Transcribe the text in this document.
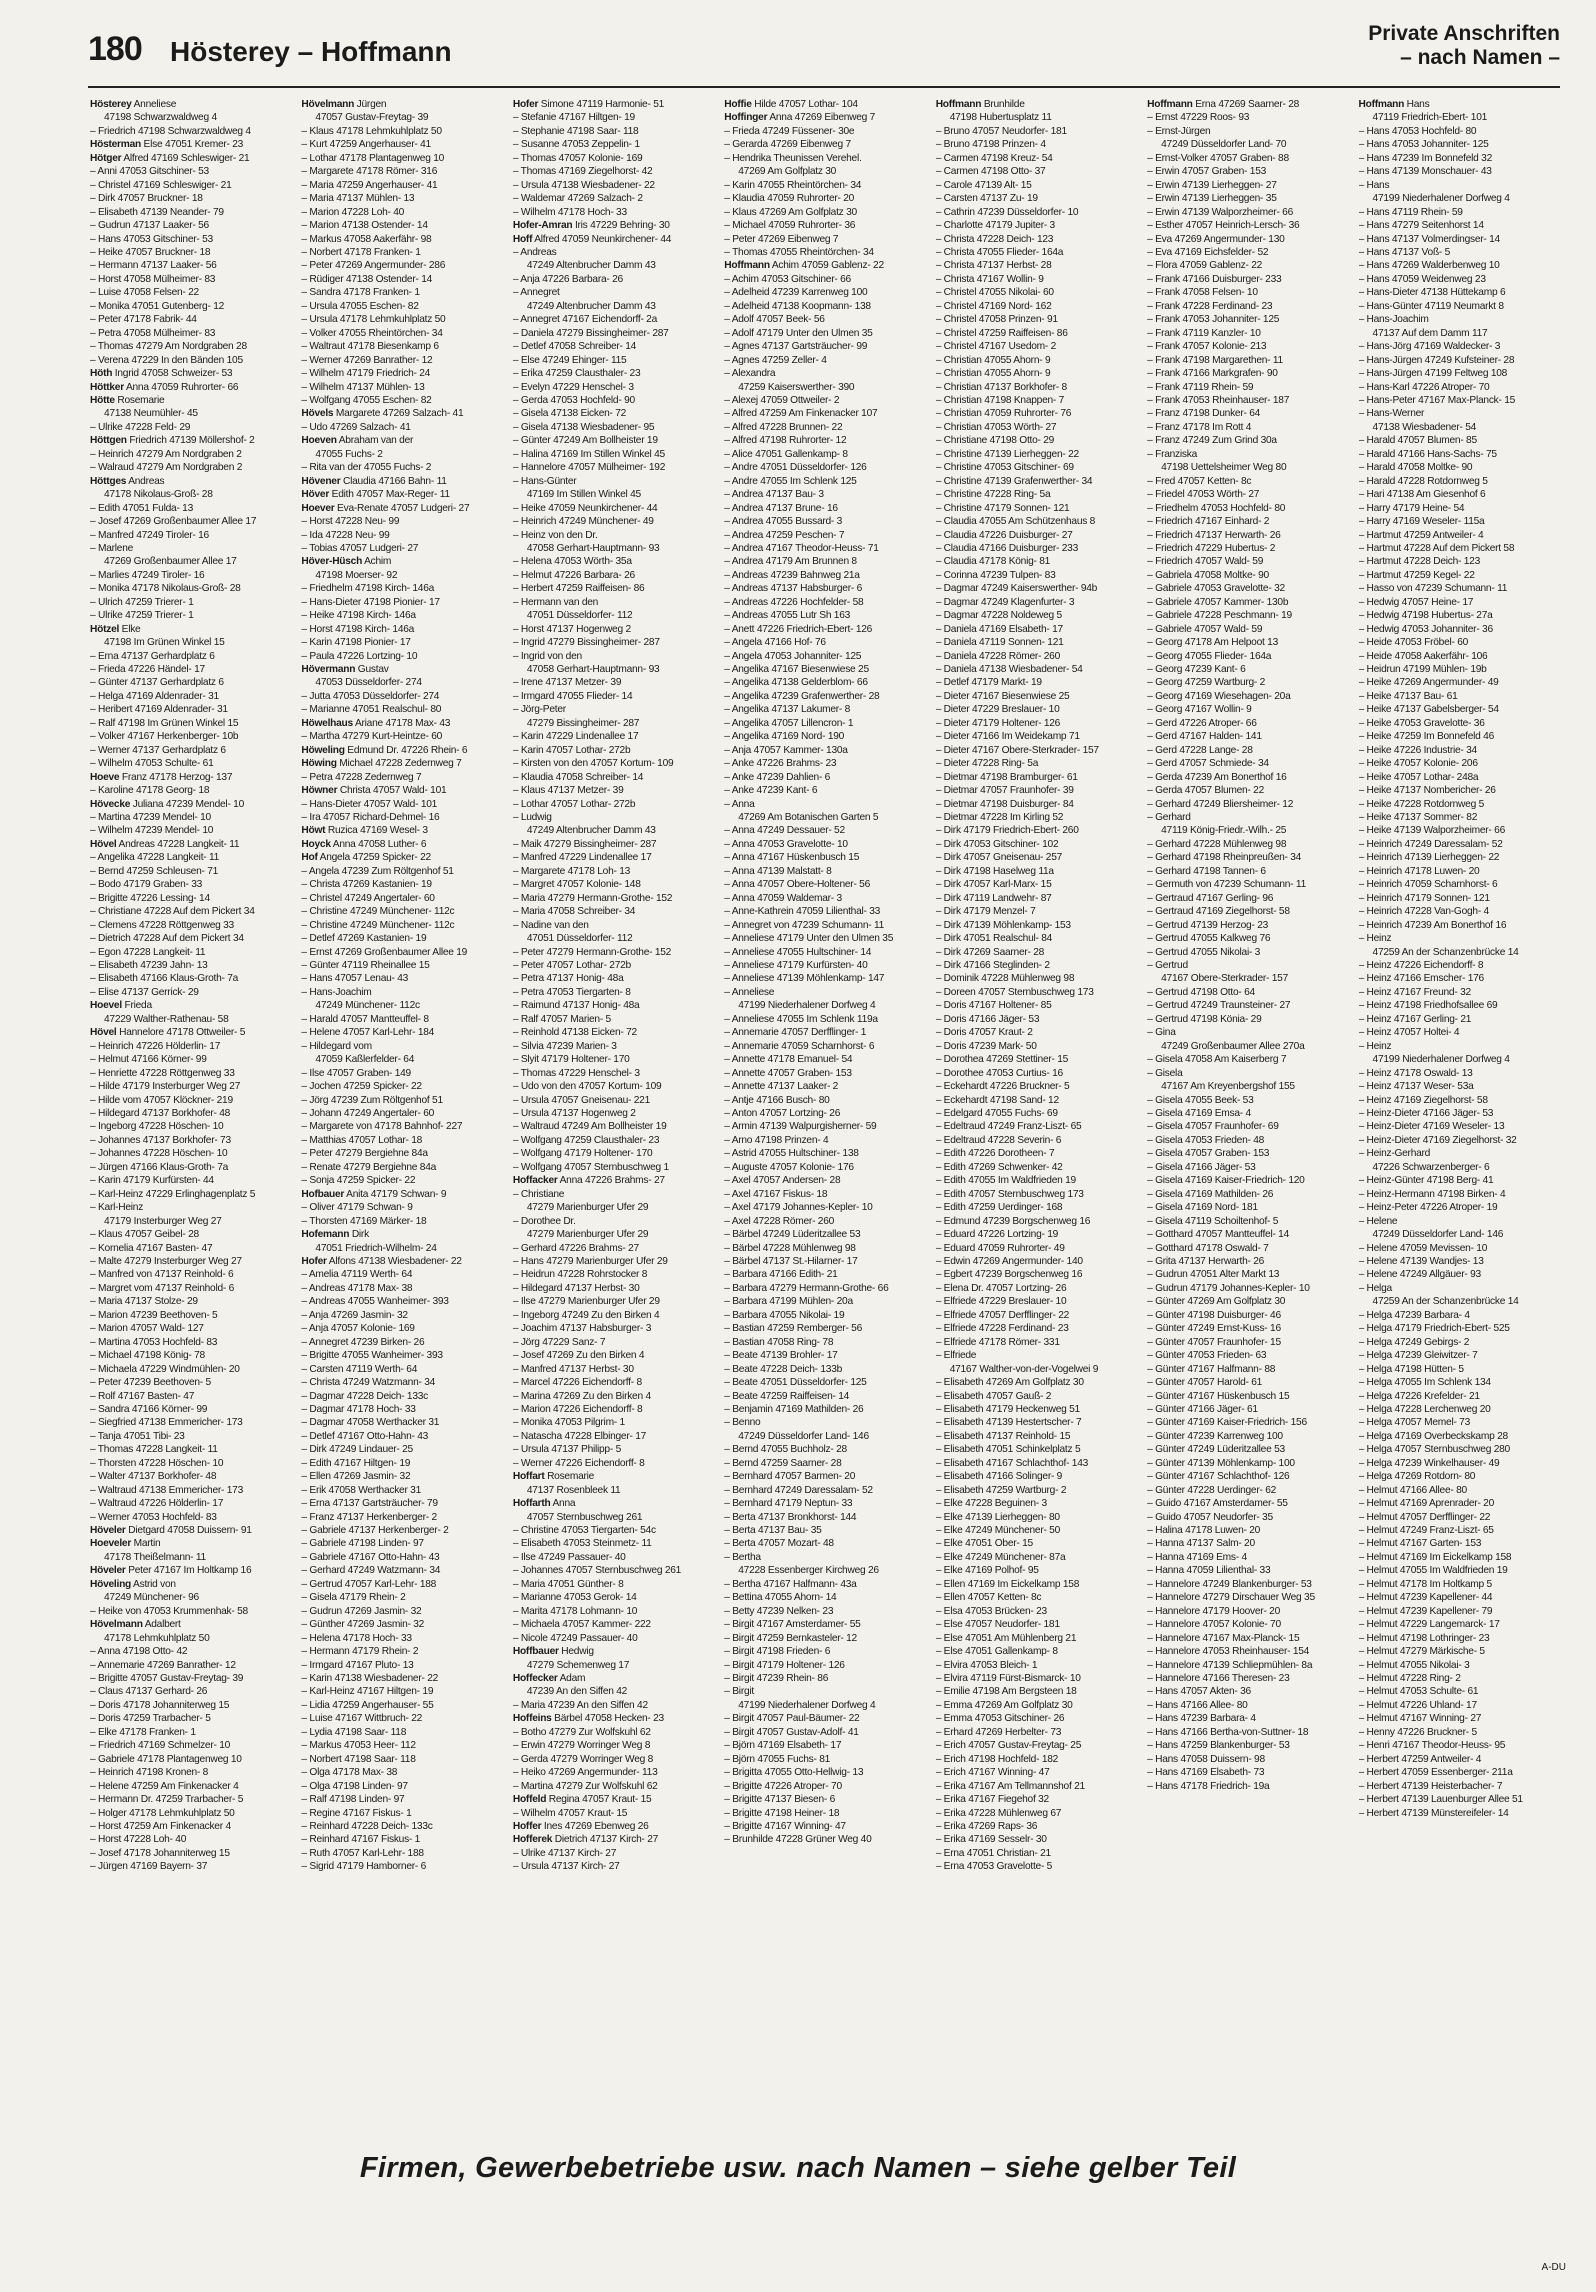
180 Hösterey – Hoffmann
Private Anschriften
– nach Namen –

Hösterey Anneliese
47198 Schwarzwaldweg 4
– Friedrich 47198 Schwarzwaldweg 4
Hösterman Else 47051 Kremer- 23
Hötger Alfred 47169 Schleswiger- 21
– Anni 47053 Gitschiner- 53
– Christel 47169 Schleswiger- 21
– Dirk 47057 Bruckner- 18
– Elisabeth 47139 Neander- 79
– Gudrun 47137 Laaker- 56
– Hans 47053 Gitschiner- 53
– Heike 47057 Bruckner- 18
– Hermann 47137 Laaker- 56
– Horst 47058 Mülheimer- 83
– Luise 47058 Felsen- 22
– Monika 47051 Gutenberg- 12
– Peter 47178 Fabrik- 44
– Petra 47058 Mülheimer- 83
– Thomas 47279 Am Nordgraben 28
– Verena 47229 In den Bänden 105
Höth Ingrid 47058 Schweizer- 53
Höttker Anna 47059 Ruhrorter- 66
Hötte Rosemarie
47138 Neumühler- 45
– Ulrike 47228 Feld- 29
Höttgen Friedrich 47139 Möllershof- 2
– Heinrich 47279 Am Nordgraben 2
– Walraud 47279 Am Nordgraben 2
Höttges Andreas
47178 Nikolaus-Groß- 28
– Edith 47051 Fulda- 13
– Josef 47269 Großenbaumer Allee 17
– Manfred 47249 Tiroler- 16
– Marlene
47269 Großenbaumer Allee 17
– Marlies 47249 Tiroler- 16
– Monika 47178 Nikolaus-Groß- 28
– Ulrich 47259 Trierer- 1
– Ulrike 47259 Trierer- 1
Hötzel Elke
47198 Im Grünen Winkel 15
– Erna 47137 Gerhardplatz 6
– Frieda 47226 Händel- 17
– Günter 47137 Gerhardplatz 6
– Helga 47169 Aldenrader- 31
– Heribert 47169 Aldenrader- 31
– Ralf 47198 Im Grünen Winkel 15
– Volker 47167 Herkenberger- 10b
– Werner 47137 Gerhardplatz 6
– Wilhelm 47053 Schulte- 61
Hoeve Franz 47178 Herzog- 137
– Karoline 47178 Georg- 18
Hövecke Juliana 47239 Mendel- 10
– Martina 47239 Mendel- 10
– Wilhelm 47239 Mendel- 10
Hövel Andreas 47228 Langkeit- 11
– Angelika 47228 Langkeit- 11
– Bernd 47259 Schleusen- 71
– Bodo 47179 Graben- 33
– Brigitte 47226 Lessing- 14
– Christiane 47228 Auf dem Pickert 34
– Clemens 47228 Röttgenweg 33
– Dietrich 47228 Auf dem Pickert 34
– Egon 47228 Langkeit- 11
– Elisabeth 47239 Jahn- 13
– Elisabeth 47166 Klaus-Groth- 7a
– Elise 47137 Gerrick- 29
Hoevel Frieda
47229 Walther-Rathenau- 58
Hövel Hannelore 47178 Ottweiler- 5
– Heinrich 47226 Hölderlin- 17
– Helmut 47166 Körner- 99
– Henriette 47228 Röttgenweg 33
– Hilde 47179 Insterburger Weg 27
– Hilde vom 47057 Klöckner- 219
– Hildegard 47137 Borkhofer- 48
– Ingeborg 47228 Höschen- 10
– Johannes 47137 Borkhofer- 73
– Johannes 47228 Höschen- 10
– Jürgen 47166 Klaus-Groth- 7a
– Karin 47179 Kurfürsten- 44
– Karl-Heinz 47229 Erlinghagenplatz 5
– Karl-Heinz
47179 Insterburger Weg 27
– Klaus 47057 Geibel- 28
– Kornelia 47167 Basten- 47
– Malte 47279 Insterburger Weg 27
– Manfred von 47137 Reinhold- 6
– Margret vom 47137 Reinhold- 6
– Maria 47137 Stolze- 29
– Marion 47239 Beethoven- 5
– Marion 47057 Wald- 127
– Martina 47053 Hochfeld- 83
– Michael 47198 König- 78
– Michaela 47229 Windmühlen- 20
– Peter 47239 Beethoven- 5
– Rolf 47167 Basten- 47
– Sandra 47166 Körner- 99
– Siegfried 47138 Emmericher- 173
– Tanja 47051 Tibi- 23
– Thomas 47228 Langkeit- 11
– Thorsten 47228 Höschen- 10
– Walter 47137 Borkhofer- 48
– Waltraud 47138 Emmericher- 173
– Waltraud 47226 Hölderlin- 17
– Werner 47053 Hochfeld- 83
Höveler Dietgard 47058 Duissern- 91
Hoeveler Martin
47178 Theißelmann- 11
Höveler Peter 47167 Im Holtkamp 16
Höveling Astrid von
47249 Münchener- 96
– Heike von 47053 Krummenhak- 58
Hövelmann Adalbert
47178 Lehmkuhlplatz 50
– Anna 47198 Otto- 42
– Annemarie 47269 Banrather- 12
– Brigitte 47057 Gustav-Freytag- 39
– Claus 47137 Gerhard- 26
– Doris 47178 Johanniterweg 15
– Doris 47259 Trarbacher- 5
– Elke 47178 Franken- 1
– Friedrich 47169 Schmelzer- 10
– Gabriele 47178 Plantagenweg 10
– Heinrich 47198 Kronen- 8
– Helene 47259 Am Finkenacker 4
– Hermann Dr. 47259 Trarbacher- 5
– Holger 47178 Lehmkuhlplatz 50
– Horst 47259 Am Finkenacker 4
– Horst 47228 Loh- 40
– Josef 47178 Johanniterweg 15
– Jürgen 47169 Bayern- 37
Hövelmann Jürgen
47057 Gustav-Freytag- 39
– Klaus 47178 Lehmkuhlplatz 50
– Kurt 47259 Angerhauser- 41
– Lothar 47178 Plantagenweg 10
– Margarete 47178 Römer- 316
– Maria 47259 Angerhauser- 41
– Maria 47137 Mühlen- 13
– Marion 47228 Loh- 40
– Marion 47138 Ostender- 14
– Markus 47058 Aakerfähr- 98
– Norbert 47178 Franken- 1
– Peter 47269 Angermunder- 286
– Rüdiger 47138 Ostender- 14
– Sandra 47178 Franken- 1
– Ursula 47055 Eschen- 82
– Ursula 47178 Lehmkuhlplatz 50
– Volker 47055 Rheintörchen- 34
– Waltraut 47178 Biesenkamp 6
– Werner 47269 Banrather- 12
– Wilhelm 47179 Friedrich- 24
– Wilhelm 47137 Mühlen- 13
– Wolfgang 47055 Eschen- 82
Hövels Margarete 47269 Salzach- 41
– Udo 47269 Salzach- 41
Hoeven Abraham van der
47055 Fuchs- 2
– Rita van der 47055 Fuchs- 2
Hövener Claudia 47166 Bahn- 11
Höver Edith 47057 Max-Reger- 11
Hoever Eva-Renate 47057 Ludgeri- 27
– Horst 47228 Neu- 99
– Ida 47228 Neu- 99
– Tobias 47057 Ludgeri- 27
Höver-Hüsch Achim
47198 Moerser- 92
– Friedhelm 47198 Kirch- 146a
– Hans-Dieter 47198 Pionier- 17
– Heike 47198 Kirch- 146a
– Horst 47198 Kirch- 146a
– Karin 47198 Pionier- 17
– Paula 47226 Lortzing- 10
Hövermann Gustav
47053 Düsseldorfer- 274
– Jutta 47053 Düsseldorfer- 274
– Marianne 47051 Realschul- 80
Höwelhaus Ariane 47178 Max- 43
– Martha 47279 Kurt-Heintze- 60
Höweling Edmund Dr. 47226 Rhein- 6
Höwing Michael 47228 Zedernweg 7
– Petra 47228 Zedernweg 7
Höwner Christa 47057 Wald- 101
– Hans-Dieter 47057 Wald- 101
– Ira 47057 Richard-Dehmel- 16
Höwt Ruzica 47169 Wesel- 3
Hoyck Anna 47058 Luther- 6
Hof Angela 47259 Spicker- 22
– Angela 47239 Zum Röltgenhof 51
– Christa 47269 Kastanien- 19
– Christel 47249 Angertaler- 60
– Christine 47249 Münchener- 112c
– Christine 47249 Münchener- 112c
– Detlef 47269 Kastanien- 19
– Ernst 47269 Großenbaumer Allee 19
– Günter 47119 Rheinallee 15
– Hans 47057 Lenau- 43
– Hans-Joachim
47249 Münchener- 112c
– Harald 47057 Mantteuffel- 8
– Helene 47057 Karl-Lehr- 184
– Hildegard vom
47059 Kaßlerfelder- 64
– Ilse 47057 Graben- 149
– Jochen 47259 Spicker- 22
– Jörg 47239 Zum Röltgenhof 51
– Johann 47249 Angertaler- 60
– Margarete von 47178 Bahnhof- 227
– Matthias 47057 Lothar- 18
– Peter 47279 Bergiehne 84a
– Renate 47279 Bergiehne 84a
– Sonja 47259 Spicker- 22
Hofbauer Anita 47179 Schwan- 9
– Oliver 47179 Schwan- 9
– Thorsten 47169 Märker- 18
Hofemann Dirk
47051 Friedrich-Wilhelm- 24
Hofer Alfons 47138 Wiesbadener- 22
– Amelia 47119 Werth- 64
– Andreas 47178 Max- 38
– Andreas 47055 Wanheimer- 393
– Anja 47269 Jasmin- 32
– Anja 47057 Kolonie- 169
– Annegret 47239 Birken- 26
– Brigitte 47055 Wanheimer- 393
– Carsten 47119 Werth- 64
– Christa 47249 Watzmann- 34
– Dagmar 47228 Deich- 133c
– Dagmar 47178 Hoch- 33
– Dagmar 47058 Werthacker 31
– Detlef 47167 Otto-Hahn- 43
– Dirk 47249 Lindauer- 25
– Edith 47167 Hiltgen- 19
– Ellen 47269 Jasmin- 32
– Erik 47058 Werthacker 31
– Erna 47137 Gartsträucher- 79
– Franz 47137 Herkenberger- 2
– Gabriele 47137 Herkenberger- 2
– Gabriele 47198 Linden- 97
– Gabriele 47167 Otto-Hahn- 43
– Gerhard 47249 Watzmann- 34
– Gertrud 47057 Karl-Lehr- 188
– Gisela 47179 Rhein- 2
– Gudrun 47269 Jasmin- 32
– Günther 47269 Jasmin- 32
– Helena 47178 Hoch- 33
– Hermann 47179 Rhein- 2
– Irmgard 47167 Pluto- 13
– Karin 47138 Wiesbadener- 22
– Karl-Heinz 47167 Hiltgen- 19
– Lidia 47259 Angerhauser- 55
– Luise 47167 Wittbruch- 22
– Lydia 47198 Saar- 118
– Markus 47053 Heer- 112
– Norbert 47198 Saar- 118
– Olga 47178 Max- 38
– Olga 47198 Linden- 97
– Ralf 47198 Linden- 97
– Regine 47167 Fiskus- 1
– Reinhard 47228 Deich- 133c
– Reinhard 47167 Fiskus- 1
– Ruth 47057 Karl-Lehr- 188
– Sigrid 47179 Hamborner- 6
Hofer Simone 47119 Harmonie- 51
– Stefanie 47167 Hiltgen- 19
– Stephanie 47198 Saar- 118
– Susanne 47053 Zeppelin- 1
– Thomas 47057 Kolonie- 169
– Thomas 47169 Ziegelhorst- 42
– Ursula 47138 Wiesbadener- 22
– Waldemar 47269 Salzach- 2
– Wilhelm 47178 Hoch- 33
Hofer-Amran Iris 47229 Behring- 30
Hoff Alfred 47059 Neunkirchener- 44
– Andreas
47249 Altenbrucher Damm 43
– Anja 47226 Barbara- 26
– Annegret
47249 Altenbrucher Damm 43
– Annegret 47167 Eichendorff- 2a
– Daniela 47279 Bissingheimer- 287
– Detlef 47058 Schreiber- 14
– Else 47249 Ehinger- 115
– Erika 47259 Clausthaler- 23
– Evelyn 47229 Henschel- 3
– Gerda 47053 Hochfeld- 90
– Gisela 47138 Eicken- 72
– Gisela 47138 Wiesbadener- 95
– Günter 47249 Am Bollheister 19
– Halina 47169 Im Stillen Winkel 45
– Hannelore 47057 Mülheimer- 192
– Hans-Günter
47169 Im Stillen Winkel 45
– Heike 47059 Neunkirchener- 44
– Heinrich 47249 Münchener- 49
– Heinz von den Dr.
47058 Gerhart-Hauptmann- 93
– Helena 47053 Wörth- 35a
– Helmut 47226 Barbara- 26
– Herbert 47259 Raiffeisen- 86
– Hermann van den
47051 Düsseldorfer- 112
– Horst 47137 Hogenweg 2
– Ingrid 47279 Bissingheimer- 287
– Ingrid von den
47058 Gerhart-Hauptmann- 93
– Irene 47137 Metzer- 39
– Irmgard 47055 Flieder- 14
– Jörg-Peter
47279 Bissingheimer- 287
– Karin 47229 Lindenallee 17
– Karin 47057 Lothar- 272b
– Kirsten von den 47057 Kortum- 109
– Klaudia 47058 Schreiber- 14
– Klaus 47137 Metzer- 39
– Lothar 47057 Lothar- 272b
– Ludwig
47249 Altenbrucher Damm 43
– Maik 47279 Bissingheimer- 287
– Manfred 47229 Lindenallee 17
– Margarete 47178 Loh- 13
– Margret 47057 Kolonie- 148
– Maria 47279 Hermann-Grothe- 152
– Maria 47058 Schreiber- 34
– Nadine van den
47051 Düsseldorfer- 112
– Peter 47279 Hermann-Grothe- 152
– Peter 47057 Lothar- 272b
– Petra 47137 Honig- 48a
– Petra 47053 Tiergarten- 8
– Raimund 47137 Honig- 48a
– Ralf 47057 Marien- 5
– Reinhold 47138 Eicken- 72
– Silvia 47239 Marien- 3
– Slyit 47179 Holtener- 170
– Thomas 47229 Henschel- 3
– Udo von den 47057 Kortum- 109
– Ursula 47057 Gneisenau- 221
– Ursula 47137 Hogenweg 2
– Waltraud 47249 Am Bollheister 19
– Wolfgang 47259 Clausthaler- 23
– Wolfgang 47179 Holtener- 170
– Wolfgang 47057 Sternbuschweg 1
Hoffacker Anna 47226 Brahms- 27
– Christiane
47279 Marienburger Ufer 29
– Dorothee Dr.
47279 Marienburger Ufer 29
– Gerhard 47226 Brahms- 27
– Hans 47279 Marienburger Ufer 29
– Heidrun 47228 Rohrstocker 8
– Hildegard 47137 Herbst- 30
– Ilse 47279 Marienburger Ufer 29
– Ingeborg 47249 Zu den Birken 4
– Joachim 47137 Habsburger- 3
– Jörg 47229 Sanz- 7
– Josef 47269 Zu den Birken 4
– Manfred 47137 Herbst- 30
– Marcel 47226 Eichendorff- 8
– Marina 47269 Zu den Birken 4
– Marion 47226 Eichendorff- 8
– Monika 47053 Pilgrim- 1
– Natascha 47228 Elbinger- 17
– Ursula 47137 Philipp- 5
– Werner 47226 Eichendorff- 8
Hoffart Rosemarie
47137 Rosenbleek 11
Hoffarth Anna
47057 Sternbuschweg 261
– Christine 47053 Tiergarten- 54c
– Elisabeth 47053 Steinmetz- 11
– Ilse 47249 Passauer- 40
– Johannes 47057 Sternbuschweg 261
– Maria 47051 Günther- 8
– Marianne 47053 Gerok- 14
– Marita 47178 Lohmann- 10
– Michaela 47057 Kammer- 222
– Nicole 47249 Passauer- 40
Hoffbauer Hedwig
47279 Schemenweg 17
Hoffecker Adam
47239 An den Siffen 42
– Maria 47239 An den Siffen 42
Hoffeins Bärbel 47058 Hecken- 23
– Botho 47279 Zur Wolfskuhl 62
– Erwin 47279 Worringer Weg 8
– Gerda 47279 Worringer Weg 8
– Heiko 47269 Angermunder- 113
– Martina 47279 Zur Wolfskuhl 62
Hoffeld Regina 47057 Kraut- 15
– Wilhelm 47057 Kraut- 15
Hoffer Ines 47269 Ebenweg 26
Hofferek Dietrich 47137 Kirch- 27
– Ulrike 47137 Kirch- 27
– Ursula 47137 Kirch- 27
Hoffie Hilde 47057 Lothar- 104
Hoffinger Anna 47269 Eibenweg 7
– Frieda 47249 Füssener- 30e
– Gerarda 47269 Eibenweg 7
– Hendrika Theunissen Verehel.
47269 Am Golfplatz 30
– Karin 47055 Rheintörchen- 34
– Klaudia 47059 Ruhrorter- 20
– Klaus 47269 Am Golfplatz 30
– Michael 47059 Ruhrorter- 36
– Peter 47269 Eibenweg 7
– Thomas 47055 Rheintörchen- 34
Hoffmann Achim 47059 Gablenz- 22
– Achim 47053 Gitschiner- 66
– Adelheid 47239 Karrenweg 100
– Adelheid 47138 Koopmann- 138
– Adolf 47057 Beek- 56
– Adolf 47179 Unter den Ulmen 35
– Agnes 47137 Gartsträucher- 99
– Agnes 47259 Zeller- 4
– Alexandra
47259 Kaiserswerther- 390
– Alexej 47059 Ottweiler- 2
– Alfred 47259 Am Finkenacker 107
– Alfred 47228 Brunnen- 22
– Alfred 47198 Ruhrorter- 12
– Alice 47051 Gallenkamp- 8
– Andre 47051 Düsseldorfer- 126
– Andre 47055 Im Schlenk 125
– Andrea 47137 Bau- 3
– Andrea 47137 Brune- 16
– Andrea 47055 Bussard- 3
– Andrea 47259 Peschen- 7
– Andrea 47167 Theodor-Heuss- 71
– Andrea 47179 Am Brunnen 8
– Andreas 47239 Bahnweg 21a
– Andreas 47137 Habsburger- 6
– Andreas 47226 Hochfelder- 58
– Andreas 47055 Lutr Sh 163
– Anett 47226 Friedrich-Ebert- 126
– Angela 47166 Hof- 76
– Angela 47053 Johanniter- 125
– Angelika 47167 Biesenwiese 25
– Angelika 47138 Gelderblom- 66
– Angelika 47239 Grafenwerther- 28
– Angelika 47137 Lakumer- 8
– Angelika 47057 Lillencron- 1
– Angelika 47169 Nord- 190
– Anja 47057 Kammer- 130a
– Anke 47226 Brahms- 23
– Anke 47239 Dahlien- 6
– Anke 47239 Kant- 6
– Anna
47269 Am Botanischen Garten 5
– Anna 47249 Dessauer- 52
– Anna 47053 Gravelotte- 10
– Anna 47167 Hüskenbusch 15
– Anna 47139 Malstatt- 8
– Anna 47057 Obere-Holtener- 56
– Anna 47059 Waldemar- 3
– Anne-Kathrein 47059 Lilienthal- 33
– Annegret von 47239 Schumann- 11
– Anneliese 47179 Unter den Ulmen 35
– Anneliese 47055 Hultschiner- 14
– Anneliese 47179 Kurfürsten- 40
– Anneliese 47139 Möhlenkamp- 147
– Anneliese
47199 Niederhalener Dorfweg 4
– Anneliese 47055 Im Schlenk 119a
– Annemarie 47057 Derfflinger- 1
– Annemarie 47059 Scharnhorst- 6
– Annette 47178 Emanuel- 54
– Annette 47057 Graben- 153
– Annette 47137 Laaker- 2
– Antje 47166 Busch- 80
– Anton 47057 Lortzing- 26
– Armin 47139 Walpurgisherner- 59
– Arno 47198 Prinzen- 4
– Astrid 47055 Hultschiner- 138
– Auguste 47057 Kolonie- 176
– Axel 47057 Andersen- 28
– Axel 47167 Fiskus- 18
– Axel 47179 Johannes-Kepler- 10
– Axel 47228 Römer- 260
– Bärbel 47249 Lüderitzallee 53
– Bärbel 47228 Mühlenweg 98
– Bärbel 47137 St.-Hilarner- 17
– Barbara 47166 Edith- 21
– Barbara 47279 Hermann-Grothe- 66
– Barbara 47199 Mühlen- 20a
– Barbara 47055 Nikolai- 19
– Bastian 47259 Remberger- 56
– Bastian 47058 Ring- 78
– Beate 47139 Brohler- 17
– Beate 47228 Deich- 133b
– Beate 47051 Düsseldorfer- 125
– Beate 47259 Raiffeisen- 14
– Benjamin 47169 Mathilden- 26
– Benno
47249 Düsseldorfer Land- 146
– Bernd 47055 Buchholz- 28
– Bernd 47259 Saarner- 28
– Bernhard 47057 Barmen- 20
– Bernhard 47249 Daressalam- 52
– Bernhard 47179 Neptun- 33
– Berta 47137 Bronkhorst- 144
– Berta 47137 Bau- 35
– Berta 47057 Mozart- 48
– Bertha
47228 Essenberger Kirchweg 26
– Bertha 47167 Halfmann- 43a
– Bettina 47055 Ahorn- 14
– Betty 47239 Nelken- 23
– Birgit 47167 Amsterdamer- 55
– Birgit 47259 Bernkasteler- 12
– Birgit 47198 Frieden- 6
– Birgit 47179 Holtener- 126
– Birgit 47239 Rhein- 86
– Birgit
47199 Niederhalener Dorfweg 4
– Birgit 47057 Paul-Bäumer- 22
– Birgit 47057 Gustav-Adolf- 41
– Björn 47169 Elsabeth- 17
– Björn 47055 Fuchs- 81
– Brigitta 47055 Otto-Hellwig- 13
– Brigitte 47226 Atroper- 70
– Brigitte 47137 Biesen- 6
– Brigitte 47198 Heiner- 18
– Brigitte 47167 Winning- 47
– Brunhilde 47228 Grüner Weg 40
Hoffmann Brunhilde
47198 Hubertusplatz 11
– Bruno 47057 Neudorfer- 181
– Bruno 47198 Prinzen- 4
– Carmen 47198 Kreuz- 54
– Carmen 47198 Otto- 37
– Carole 47139 Alt- 15
– Carsten 47137 Zu- 19
– Cathrin 47239 Düsseldorfer- 10
– Charlotte 47179 Jupiter- 3
– Christa 47228 Deich- 123
– Christa 47055 Flieder- 164a
– Christa 47137 Herbst- 28
– Christa 47167 Wollin- 9
– Christel 47055 Nikolai- 60
– Christel 47169 Nord- 162
– Christel 47058 Prinzen- 91
– Christel 47259 Raiffeisen- 86
– Christel 47167 Usedom- 2
– Christian 47055 Ahorn- 9
– Christian 47055 Ahorn- 9
– Christian 47137 Borkhofer- 8
– Christian 47198 Knappen- 7
– Christian 47059 Ruhrorter- 76
– Christian 47053 Wörth- 27
– Christiane 47198 Otto- 29
– Christine 47139 Lierheggen- 22
– Christine 47053 Gitschiner- 69
– Christine 47139 Grafenwerther- 34
– Christine 47228 Ring- 5a
– Christine 47179 Sonnen- 121
– Claudia 47055 Am Schützenhaus 8
– Claudia 47226 Duisburger- 27
– Claudia 47166 Duisburger- 233
– Claudia 47178 König- 81
– Corinna 47239 Tulpen- 83
– Dagmar 47249 Kaiserswerther- 94b
– Dagmar 47249 Klagenfurter- 3
– Dagmar 47228 Noldeweg 5
– Daniela 47169 Elsabeth- 17
– Daniela 47119 Sonnen- 121
– Daniela 47228 Römer- 260
– Daniela 47138 Wiesbadener- 54
– Detlef 47179 Markt- 19
– Dieter 47167 Biesenwiese 25
– Dieter 47229 Breslauer- 10
– Dieter 47179 Holtener- 126
– Dieter 47166 Im Weidekamp 71
– Dieter 47167 Obere-Sterkrader- 157
– Dieter 47228 Ring- 5a
– Dietmar 47198 Bramburger- 61
– Dietmar 47057 Fraunhofer- 39
– Dietmar 47198 Duisburger- 84
– Dietmar 47228 Im Kirling 52
– Dirk 47179 Friedrich-Ebert- 260
– Dirk 47053 Gitschiner- 102
– Dirk 47057 Gneisenau- 257
– Dirk 47198 Haselweg 11a
– Dirk 47057 Karl-Marx- 15
– Dirk 47119 Landwehr- 87
– Dirk 47179 Menzel- 7
– Dirk 47139 Möhlenkamp- 153
– Dirk 47051 Realschul- 84
– Dirk 47269 Saarner- 28
– Dirk 47166 Steglinden- 2
– Dominik 47228 Mühlenweg 98
– Doreen 47057 Sternbuschweg 173
– Doris 47167 Holtener- 85
– Doris 47166 Jäger- 53
– Doris 47057 Kraut- 2
– Doris 47239 Mark- 50
– Dorothea 47269 Stettiner- 15
– Dorothee 47053 Curtius- 16
– Eckehardt 47226 Bruckner- 5
– Eckehardt 47198 Sand- 12
– Edelgard 47055 Fuchs- 69
– Edeltraud 47249 Franz-Liszt- 65
– Edeltraud 47228 Severin- 6
– Edith 47226 Dorotheen- 7
– Edith 47269 Schwenker- 42
– Edith 47055 Im Waldfrieden 19
– Edith 47057 Sternbuschweg 173
– Edith 47259 Uerdinger- 168
– Edmund 47239 Borgschenweg 16
– Eduard 47226 Lortzing- 19
– Eduard 47059 Ruhrorter- 49
– Edwin 47269 Angermunder- 140
– Egbert 47239 Borgschenweg 16
– Elena Dr. 47057 Lortzing- 26
– Elfriede 47229 Breslauer- 10
– Elfriede 47057 Derfflinger- 22
– Elfriede 47228 Ferdinand- 23
– Elfriede 47178 Römer- 331
– Elfriede
47167 Walther-von-der-Vogelwei 9
– Elisabeth 47269 Am Golfplatz 30
– Elisabeth 47057 Gauß- 2
– Elisabeth 47179 Heckenweg 51
– Elisabeth 47139 Hestertscher- 7
– Elisabeth 47137 Reinhold- 15
– Elisabeth 47051 Schinkelplatz 5
– Elisabeth 47167 Schlachthof- 143
– Elisabeth 47166 Solinger- 9
– Elisabeth 47259 Wartburg- 2
– Elke 47228 Beguinen- 3
– Elke 47139 Lierheggen- 80
– Elke 47249 Münchener- 50
– Elke 47051 Ober- 15
– Elke 47249 Münchener- 87a
– Elke 47169 Polhof- 95
– Ellen 47169 Im Eickelkamp 158
– Ellen 47057 Ketten- 8c
– Elsa 47053 Brücken- 23
– Else 47057 Neudorfer- 181
– Else 47051 Am Mühlenberg 21
– Else 47051 Gallenkamp- 8
– Elvira 47053 Bleich- 1
– Elvira 47119 Fürst-Bismarck- 10
– Emilie 47198 Am Bergsteen 18
– Emma 47269 Am Golfplatz 30
– Emma 47053 Gitschiner- 26
– Erhard 47269 Herbelter- 73
– Erich 47057 Gustav-Freytag- 25
– Erich 47198 Hochfeld- 182
– Erich 47167 Winning- 47
– Erika 47167 Am Tellmannshof 21
– Erika 47167 Fiegehof 32
– Erika 47228 Mühlenweg 67
– Erika 47269 Raps- 36
– Erika 47169 Sesselr- 30
– Erna 47051 Christian- 21
– Erna 47053 Gravelotte- 5
Hoffmann Erna 47269 Saarner- 28
– Ernst 47229 Roos- 93
– Ernst-Jürgen
47249 Düsseldorfer Land- 70
– Ernst-Volker 47057 Graben- 88
– Erwin 47057 Graben- 153
– Erwin 47139 Lierheggen- 27
– Erwin 47139 Lierheggen- 35
– Erwin 47139 Walporzheimer- 66
– Esther 47057 Heinrich-Lersch- 36
– Eva 47269 Angermunder- 130
– Eva 47169 Eichsfelder- 52
– Flora 47059 Gablenz- 22
– Frank 47166 Duisburger- 233
– Frank 47058 Felsen- 10
– Frank 47228 Ferdinand- 23
– Frank 47053 Johanniter- 125
– Frank 47119 Kanzler- 10
– Frank 47057 Kolonie- 213
– Frank 47198 Margarethen- 11
– Frank 47166 Markgrafen- 90
– Frank 47119 Rhein- 59
– Frank 47053 Rheinhauser- 187
– Franz 47198 Dunker- 64
– Franz 47178 Im Rott 4
– Franz 47249 Zum Grind 30a
– Franziska
47198 Uettelsheimer Weg 80
– Fred 47057 Ketten- 8c
– Friedel 47053 Wörth- 27
– Friedhelm 47053 Hochfeld- 80
– Friedrich 47167 Einhard- 2
– Friedrich 47137 Herwarth- 26
– Friedrich 47229 Hubertus- 2
– Friedrich 47057 Wald- 59
– Gabriela 47058 Moltke- 90
– Gabriele 47053 Gravelotte- 32
– Gabriele 47057 Kammer- 130b
– Gabriele 47228 Peschmann- 19
– Gabriele 47057 Wald- 59
– Georg 47178 Am Helpoot 13
– Georg 47055 Flieder- 164a
– Georg 47239 Kant- 6
– Georg 47259 Wartburg- 2
– Georg 47169 Wiesehagen- 20a
– Georg 47167 Wollin- 9
– Gerd 47226 Atroper- 66
– Gerd 47167 Halden- 141
– Gerd 47228 Lange- 28
– Gerd 47057 Schmiede- 34
– Gerda 47239 Am Bonerthof 16
– Gerda 47057 Blumen- 22
– Gerhard 47249 Bliersheimer- 12
– Gerhard
47119 König-Friedr.-Wilh.- 25
– Gerhard 47228 Mühlenweg 98
– Gerhard 47198 Rheinpreußen- 34
– Gerhard 47198 Tannen- 6
– Germuth von 47239 Schumann- 11
– Gertraud 47167 Gerling- 96
– Gertraud 47169 Ziegelhorst- 58
– Gertrud 47139 Herzog- 23
– Gertrud 47055 Kalkweg 76
– Gertrud 47055 Nikolai- 3
– Gertrud
47167 Obere-Sterkrader- 157
– Gertrud 47198 Otto- 64
– Gertrud 47249 Traunsteiner- 27
– Gertrud 47198 Könia- 29
– Gina
47249 Großenbaumer Allee 270a
– Gisela 47058 Am Kaiserberg 7
– Gisela
47167 Am Kreyenbergshof 155
– Gisela 47055 Beek- 53
– Gisela 47169 Emsa- 4
– Gisela 47057 Fraunhofer- 69
– Gisela 47053 Frieden- 48
– Gisela 47057 Graben- 153
– Gisela 47166 Jäger- 53
– Gisela 47169 Kaiser-Friedrich- 120
– Gisela 47169 Mathilden- 26
– Gisela 47169 Nord- 181
– Gisela 47119 Schoiltenhof- 5
– Gotthard 47057 Mantteuffel- 14
– Gotthard 47178 Oswald- 7
– Grita 47137 Herwarth- 26
– Gudrun 47051 Alter Markt 13
– Gudrun 47179 Johannes-Kepler- 10
– Günter 47269 Am Golfplatz 30
– Günter 47198 Duisburger- 46
– Günter 47249 Ernst-Kuss- 16
– Günter 47057 Fraunhofer- 15
– Günter 47053 Frieden- 63
– Günter 47167 Halfmann- 88
– Günter 47057 Harold- 61
– Günter 47167 Hüskenbusch 15
– Günter 47166 Jäger- 61
– Günter 47169 Kaiser-Friedrich- 156
– Günter 47239 Karrenweg 100
– Günter 47249 Lüderitzallee 53
– Günter 47139 Möhlenkamp- 100
– Günter 47167 Schlachthof- 126
– Günter 47228 Uerdinger- 62
– Guido 47167 Amsterdamer- 55
– Guido 47057 Neudorfer- 35
– Halina 47178 Luwen- 20
– Hanna 47137 Salm- 20
– Hanna 47169 Ems- 4
– Hanna 47059 Lilienthal- 33
– Hannelore 47249 Blankenburger- 53
– Hannelore 47279 Dirschauer Weg 35
– Hannelore 47179 Hoover- 20
– Hannelore 47057 Kolonie- 70
– Hannelore 47167 Max-Planck- 15
– Hannelore 47053 Rheinhauser- 154
– Hannelore 47139 Schliepmühlen- 8a
– Hannelore 47166 Theresen- 23
– Hans 47057 Akten- 36
– Hans 47166 Allee- 80
– Hans 47239 Barbara- 4
– Hans 47166 Bertha-von-Suttner- 18
– Hans 47259 Blankenburger- 53
– Hans 47058 Duissern- 98
– Hans 47169 Elsabeth- 73
– Hans 47178 Friedrich- 19a
Hoffmann Hans
47119 Friedrich-Ebert- 101
– Hans 47053 Hochfeld- 80
– Hans 47053 Johanniter- 125
– Hans 47239 Im Bonnefeld 32
– Hans 47139 Monschauer- 43
– Hans
47199 Niederhalener Dorfweg 4
– Hans 47119 Rhein- 59
– Hans 47279 Seitenhorst 14
– Hans 47137 Volmerdingser- 14
– Hans 47137 Voß- 5
– Hans 47269 Walderbenweg 10
– Hans 47059 Weidenweg 23
– Hans-Dieter 47138 Hüttekamp 6
– Hans-Günter 47119 Neumarkt 8
– Hans-Joachim
47137 Auf dem Damm 117
– Hans-Jörg 47169 Waldecker- 3
– Hans-Jürgen 47249 Kufsteiner- 28
– Hans-Jürgen 47199 Feltweg 108
– Hans-Karl 47226 Atroper- 70
– Hans-Peter 47167 Max-Planck- 15
– Hans-Werner
47138 Wiesbadener- 54
– Harald 47057 Blumen- 85
– Harald 47166 Hans-Sachs- 75
– Harald 47058 Moltke- 90
– Harald 47228 Rotdornweg 5
– Hari 47138 Am Giesenhof 6
– Harry 47179 Heine- 54
– Harry 47169 Weseler- 115a
– Hartmut 47259 Antweiler- 4
– Hartmut 47228 Auf dem Pickert 58
– Hartmut 47228 Deich- 123
– Hartmut 47259 Kegel- 22
– Hasso von 47239 Schumann- 11
– Hedwig 47057 Heine- 17
– Hedwig 47198 Hubertus- 27a
– Hedwig 47053 Johanniter- 36
– Heide 47053 Fröbel- 60
– Heide 47058 Aakerfähr- 106
– Heidrun 47199 Mühlen- 19b
– Heike 47269 Angermunder- 49
– Heike 47137 Bau- 61
– Heike 47137 Gabelsberger- 54
– Heike 47053 Gravelotte- 36
– Heike 47259 Im Bonnefeld 46
– Heike 47226 Industrie- 34
– Heike 47057 Kolonie- 206
– Heike 47057 Lothar- 248a
– Heike 47137 Nombericher- 26
– Heike 47228 Rotdornweg 5
– Heike 47137 Sommer- 82
– Heike 47139 Walporzheimer- 66
– Heinrich 47249 Daressalam- 52
– Heinrich 47139 Lierheggen- 22
– Heinrich 47178 Luwen- 20
– Heinrich 47059 Scharnhorst- 6
– Heinrich 47179 Sonnen- 121
– Heinrich 47228 Van-Gogh- 4
– Heinrich 47239 Am Bonerthof 16
– Heinz
47259 An der Schanzenbrücke 14
– Heinz 47226 Eichendorff- 8
– Heinz 47166 Emscher- 176
– Heinz 47167 Freund- 32
– Heinz 47198 Friedhofsallee 69
– Heinz 47167 Gerling- 21
– Heinz 47057 Holtei- 4
– Heinz
47199 Niederhalener Dorfweg 4
– Heinz 47178 Oswald- 13
– Heinz 47137 Weser- 53a
– Heinz 47169 Ziegelhorst- 58
– Heinz-Dieter 47166 Jäger- 53
– Heinz-Dieter 47169 Weseler- 13
– Heinz-Dieter 47169 Ziegelhorst- 32
– Heinz-Gerhard
47226 Schwarzenberger- 6
– Heinz-Günter 47198 Berg- 41
– Heinz-Hermann 47198 Birken- 4
– Heinz-Peter 47226 Atroper- 19
– Helene
47249 Düsseldorfer Land- 146
– Helene 47059 Mevissen- 10
– Helene 47139 Wandjes- 13
– Helene 47249 Allgäuer- 93
– Helga
47259 An der Schanzenbrücke 14
– Helga 47239 Barbara- 4
– Helga 47179 Friedrich-Ebert- 525
– Helga 47249 Gebirgs- 2
– Helga 47239 Gleiwitzer- 7
– Helga 47198 Hütten- 5
– Helga 47055 Im Schlenk 134
– Helga 47226 Krefelder- 21
– Helga 47228 Lerchenweg 20
– Helga 47057 Memel- 73
– Helga 47169 Overbeckskamp 28
– Helga 47057 Sternbuschweg 280
– Helga 47239 Winkelhauser- 49
– Helga 47269 Rotdorn- 80
– Helmut 47166 Allee- 80
– Helmut 47169 Aprenrader- 20
– Helmut 47057 Derfflinger- 22
– Helmut 47249 Franz-Liszt- 65
– Helmut 47167 Garten- 153
– Helmut 47169 Im Eickelkamp 158
– Helmut 47055 Im Waldfrieden 19
– Helmut 47178 Im Holtkamp 5
– Helmut 47239 Kapellener- 44
– Helmut 47239 Kapellener- 79
– Helmut 47229 Langemarck- 17
– Helmut 47198 Lothringer- 23
– Helmut 47279 Märkische- 5
– Helmut 47055 Nikolai- 3
– Helmut 47228 Ring- 2
– Helmut 47053 Schulte- 61
– Helmut 47226 Uhland- 17
– Helmut 47167 Winning- 27
– Henny 47226 Bruckner- 5
– Henri 47167 Theodor-Heuss- 95
– Herbert 47259 Antweiler- 4
– Herbert 47059 Essenberger- 211a
– Herbert 47139 Heisterbacher- 7
– Herbert 47139 Lauenburger Allee 51
– Herbert 47139 Münstereifeler- 14
Firmen, Gewerbebetriebe usw. nach Namen – siehe gelber Teil
A-DU
